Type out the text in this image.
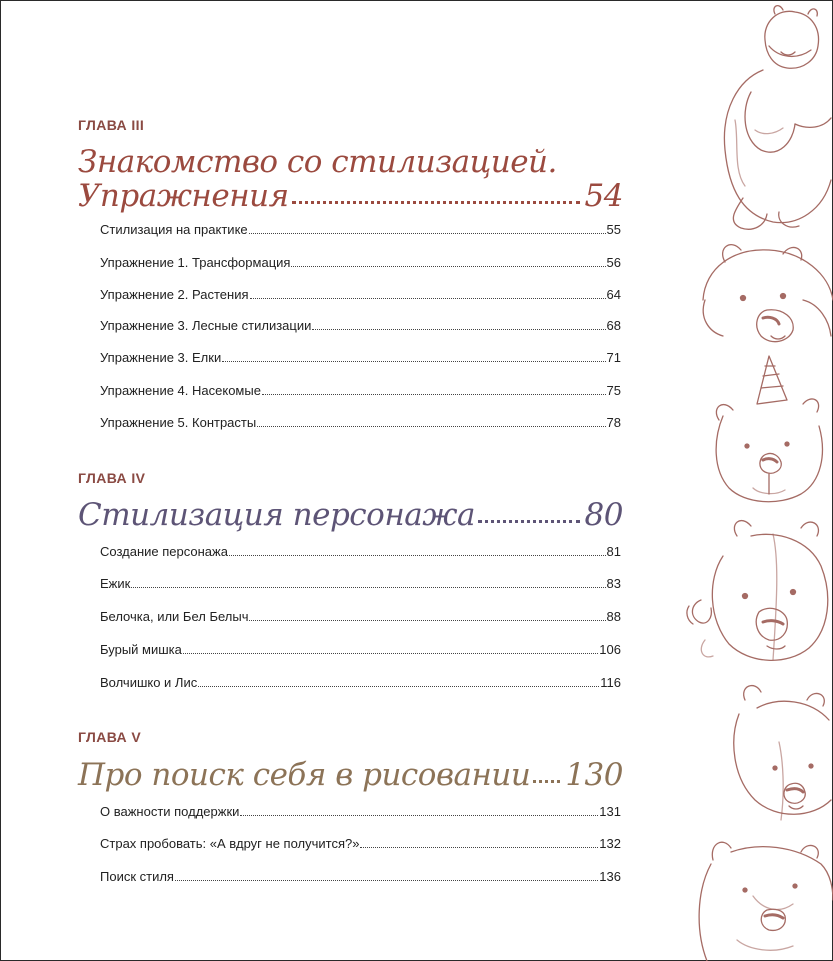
ГЛАВА III
Знакомство со стилизацией.
Упражнения	54
Стилизация на практике	55
Упражнение 1. Трансформация	56
Упражнение 2. Растения	64
Упражнение 3. Лесные стилизации	68
Упражнение 3. Елки	71
Упражнение 4. Насекомые	75
Упражнение 5. Контрасты	78
ГЛАВА IV
Стилизация персонажа	80
Создание персонажа	81
Ежик	83
Белочка, или Бел Белыч	88
Бурый мишка	106
Волчишко и Лис	116
ГЛАВА V
Про поиск себя в рисовании 130
О важности поддержки	131
Страх пробовать: «А вдруг не получится?»	132
Поиск стиля	136
